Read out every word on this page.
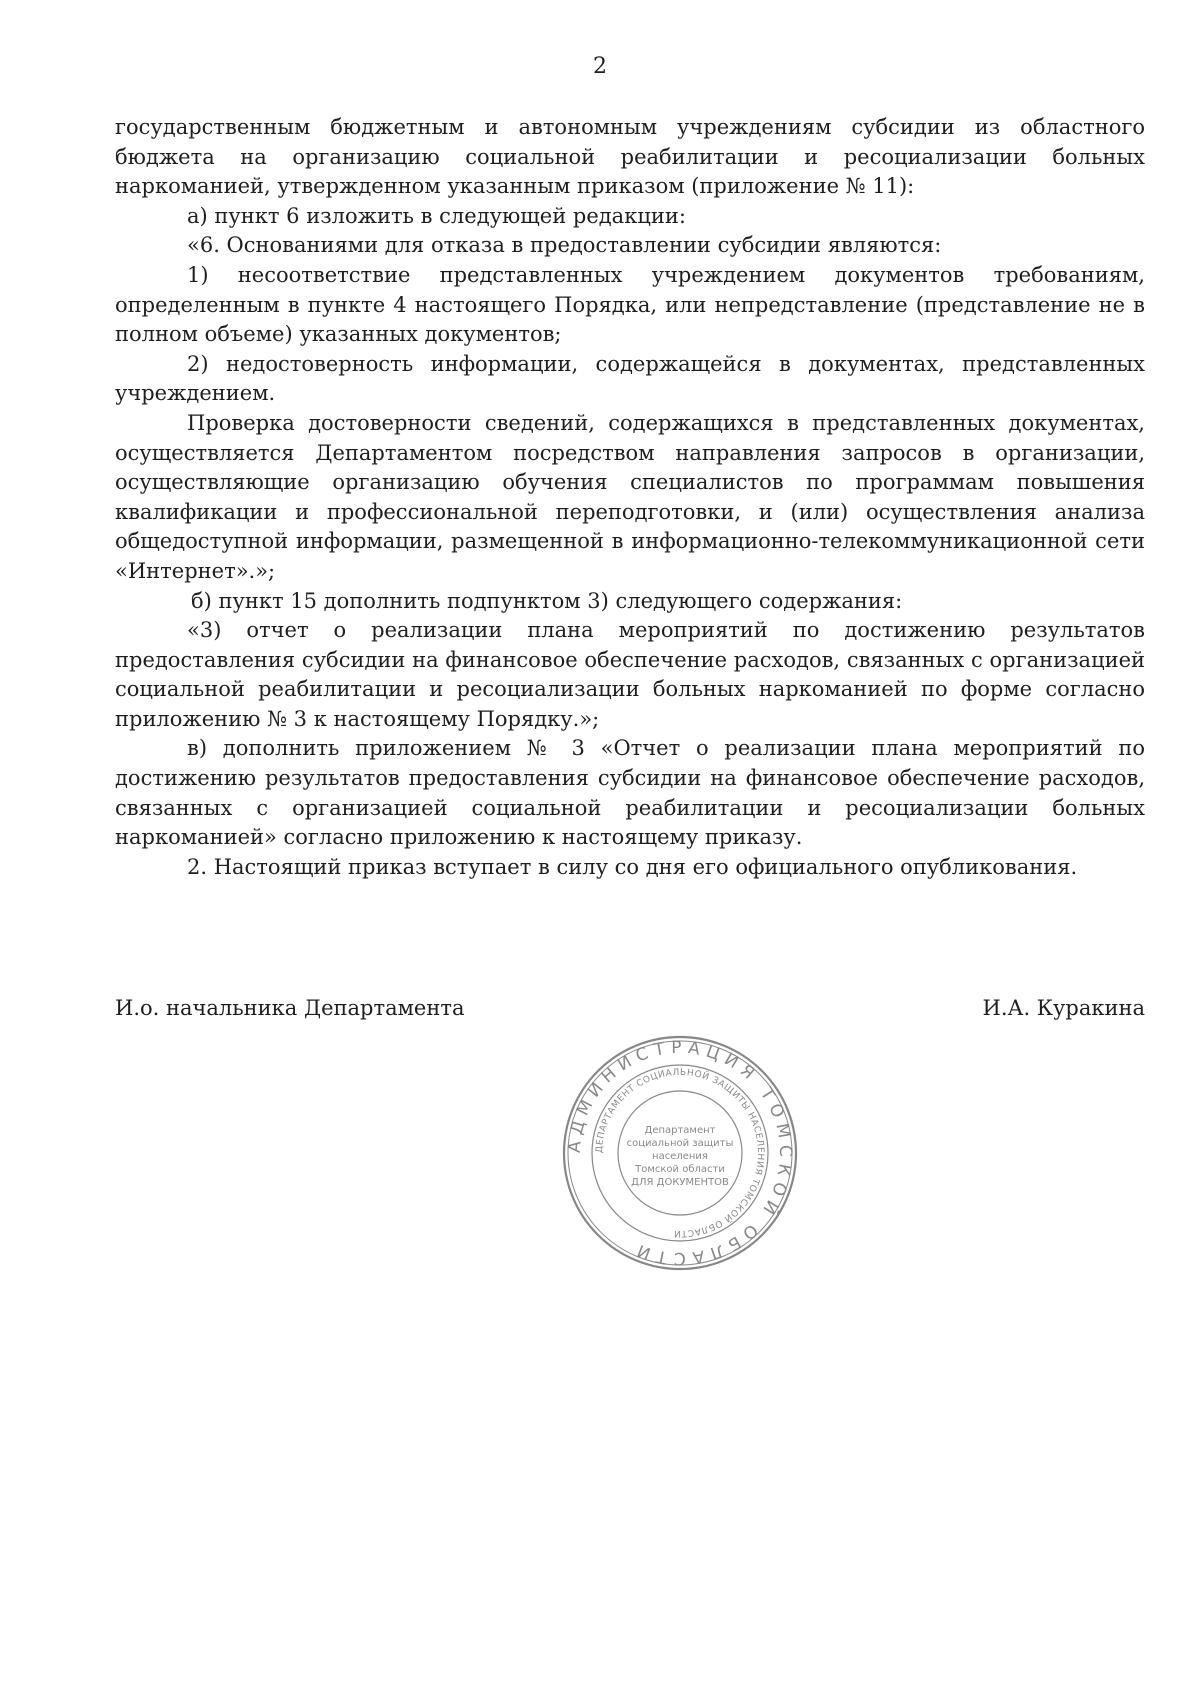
2

государственным бюджетным и автономным учреждениям субсидии из областного бюджета на организацию социальной реабилитации и ресоциализации больных наркоманией, утвержденном указанным приказом (приложение № 11):

а) пункт 6 изложить в следующей редакции:

«6. Основаниями для отказа в предоставлении субсидии являются:

1) несоответствие представленных учреждением документов требованиям, определенным в пункте 4 настоящего Порядка, или непредставление (представление не в полном объеме) указанных документов;

2) недостоверность информации, содержащейся в документах, представленных учреждением.

Проверка достоверности сведений, содержащихся в представленных документах, осуществляется Департаментом посредством направления запросов в организации, осуществляющие организацию обучения специалистов по программам повышения квалификации и профессиональной переподготовки, и (или) осуществления анализа общедоступной информации, размещенной в информационно-телекоммуникационной сети «Интернет».»;

б) пункт 15 дополнить подпунктом 3) следующего содержания:

«3) отчет о реализации плана мероприятий по достижению результатов предоставления субсидии на финансовое обеспечение расходов, связанных с организацией социальной реабилитации и ресоциализации больных наркоманией по форме согласно приложению № 3 к настоящему Порядку.»;

в) дополнить приложением № 3 «Отчет о реализации плана мероприятий по достижению результатов предоставления субсидии на финансовое обеспечение расходов, связанных с организацией социальной реабилитации и ресоциализации больных наркоманией» согласно приложению к настоящему приказу.

2. Настоящий приказ вступает в силу со дня его официального опубликования.

И.о. начальника Департамента	И.А. Куракина
АДМИНИСТРАЦИЯ ТОМСКОЙ ОБЛАСТИ
ДЕПАРТАМЕНТ СОЦИАЛЬНОЙ ЗАЩИТЫ НАСЕЛЕНИЯ ТОМСКОЙ ОБЛАСТИ
Департамент
социальной защиты
населения
Томской области
ДЛЯ ДОКУМЕНТОВ
